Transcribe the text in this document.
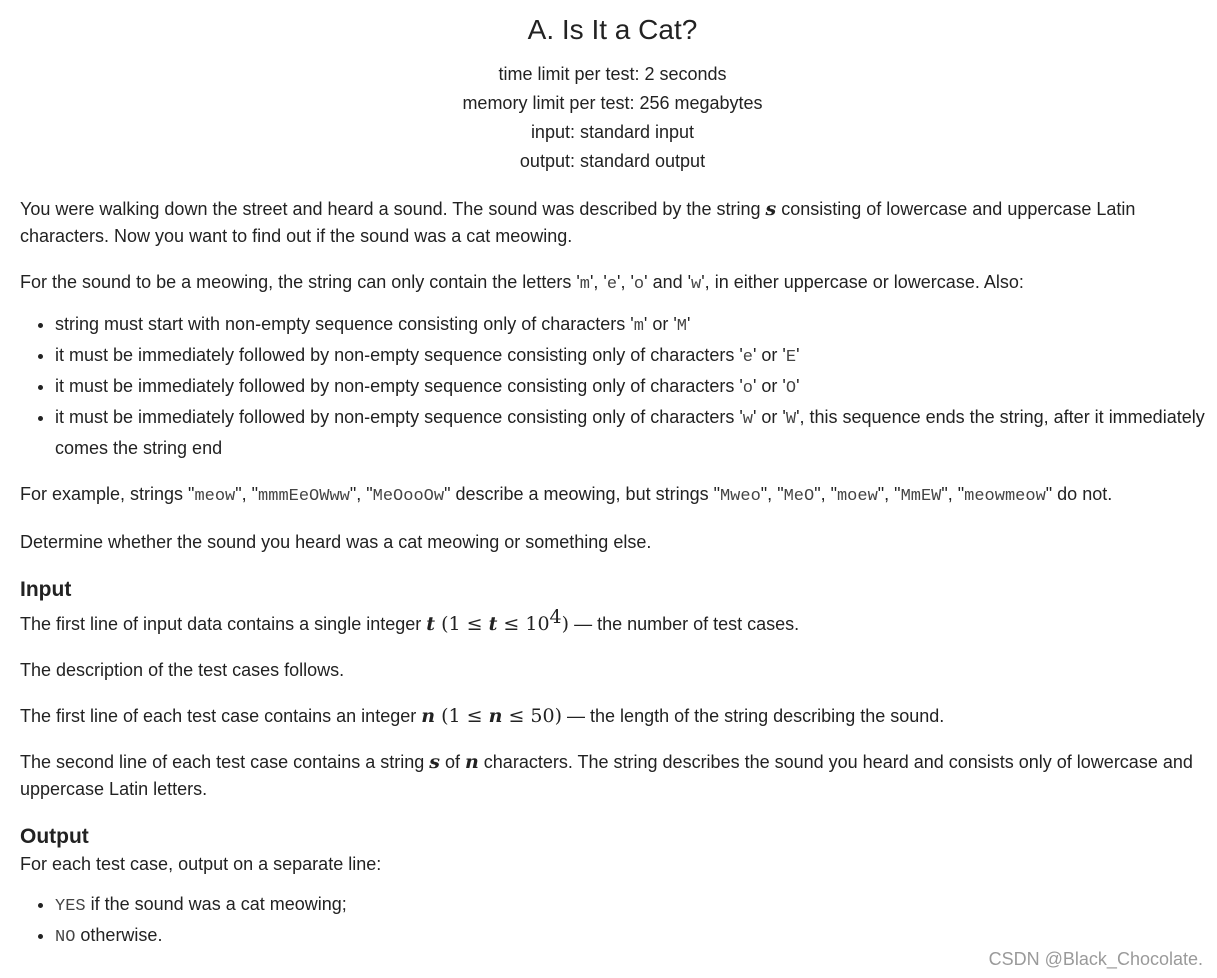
A. Is It a Cat?
time limit per test: 2 seconds
memory limit per test: 256 megabytes
input: standard input
output: standard output

You were walking down the street and heard a sound. The sound was described by the string s consisting of lowercase and uppercase Latin characters. Now you want to find out if the sound was a cat meowing.

For the sound to be a meowing, the string can only contain the letters 'm', 'e', 'o' and 'w', in either uppercase or lowercase. Also:

• string must start with non-empty sequence consisting only of characters 'm' or 'M'
• it must be immediately followed by non-empty sequence consisting only of characters 'e' or 'E'
• it must be immediately followed by non-empty sequence consisting only of characters 'o' or 'O'
• it must be immediately followed by non-empty sequence consisting only of characters 'w' or 'W', this sequence ends the string, after it immediately comes the string end

For example, strings "meow", "mmmEeOWww", "MeOooOw" describe a meowing, but strings "Mweo", "MeO", "moew", "MmEW", "meowmeow" do not.

Determine whether the sound you heard was a cat meowing or something else.

Input

The first line of input data contains a single integer t $(1 \le t \le 10^4)$ — the number of test cases.

The description of the test cases follows.

The first line of each test case contains an integer n (1 ≤ n ≤ 50) — the length of the string describing the sound.

The second line of each test case contains a string s of n characters. The string describes the sound you heard and consists only of lowercase and uppercase Latin letters.

Output

For each test case, output on a separate line:

• YES if the sound was a cat meowing;
• NO otherwise.
CSDN @Black_Chocolate.
